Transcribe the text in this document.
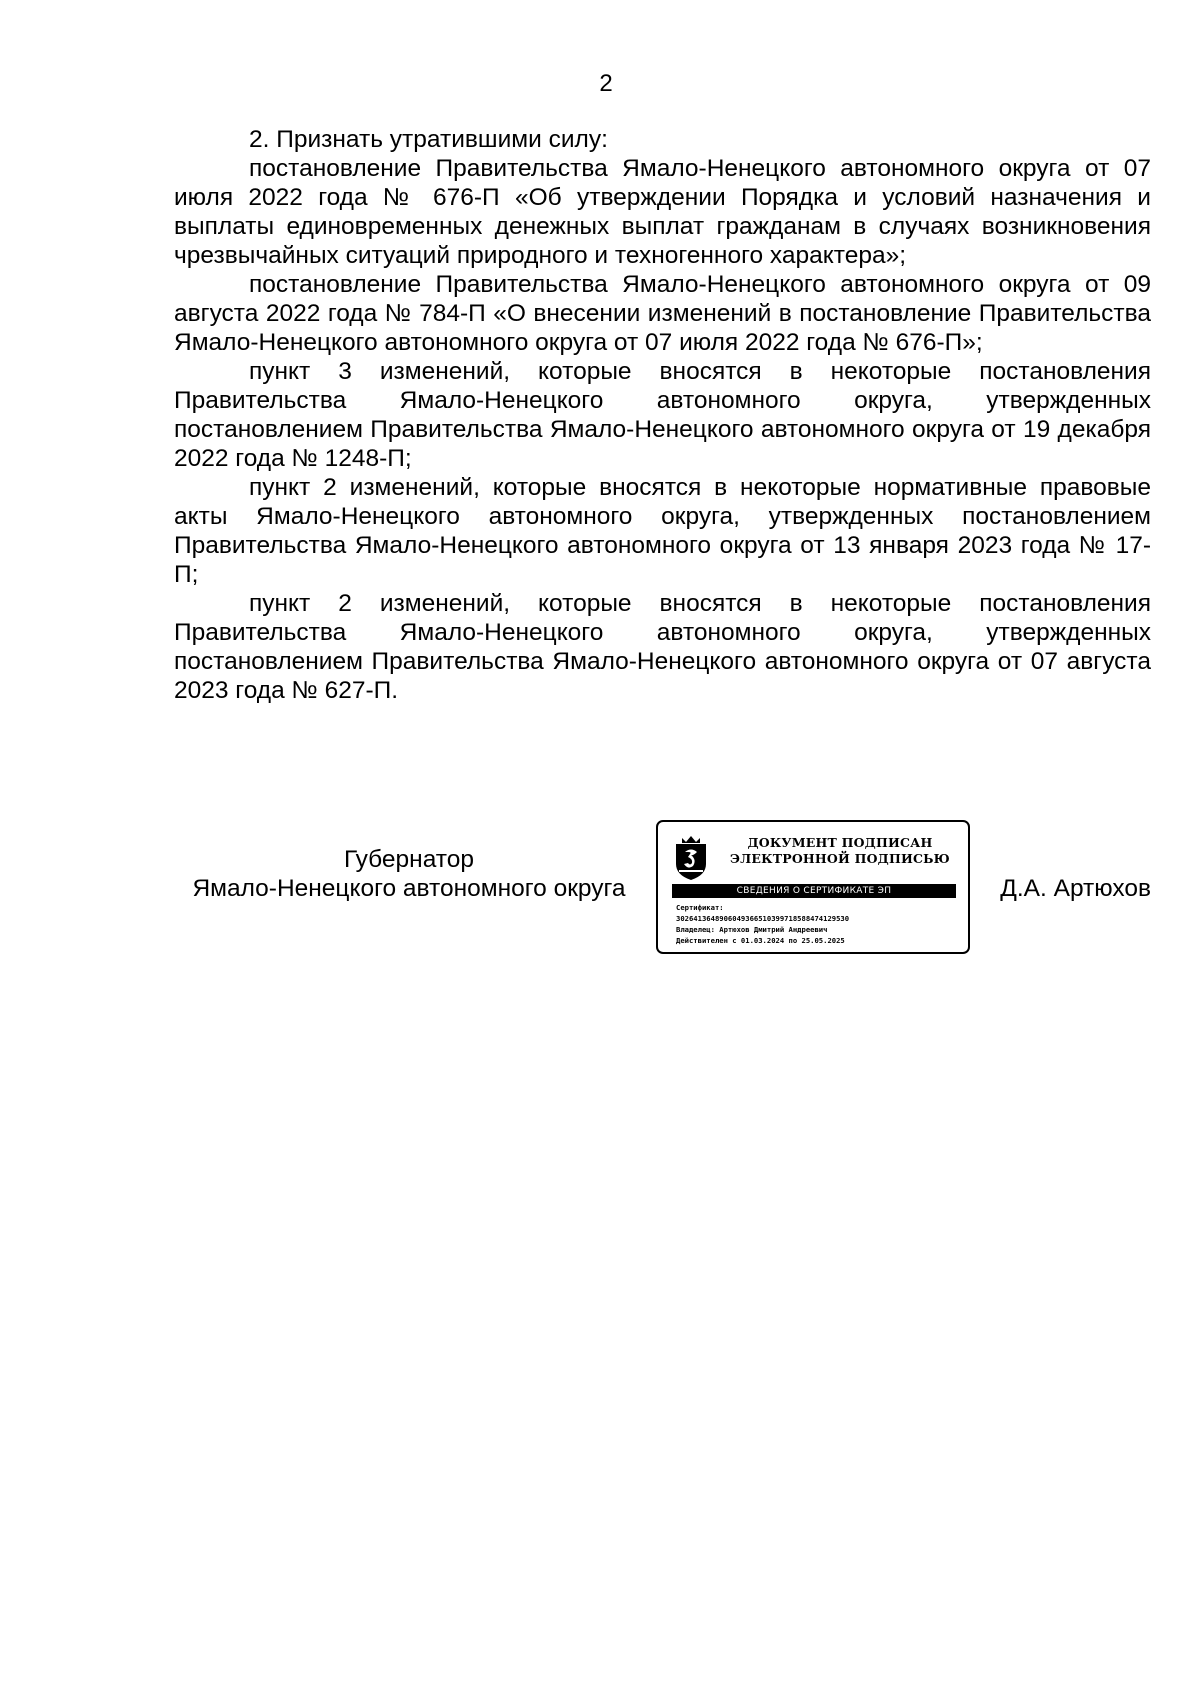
2

2. Признать утратившими силу:

постановление Правительства Ямало-Ненецкого автономного округа от 07 июля 2022 года № 676-П «Об утверждении Порядка и условий назначения и выплаты единовременных денежных выплат гражданам в случаях возникновения чрезвычайных ситуаций природного и техногенного характера»;

постановление Правительства Ямало-Ненецкого автономного округа от 09 августа 2022 года № 784-П «О внесении изменений в постановление Правительства Ямало-Ненецкого автономного округа от 07 июля 2022 года № 676-П»;

пункт 3 изменений, которые вносятся в некоторые постановления Правительства Ямало-Ненецкого автономного округа, утвержденных постановлением Правительства Ямало-Ненецкого автономного округа от 19 декабря 2022 года № 1248-П;

пункт 2 изменений, которые вносятся в некоторые нормативные правовые акты Ямало-Ненецкого автономного округа, утвержденных постановлением Правительства Ямало-Ненецкого автономного округа от 13 января 2023 года № 17-П;

пункт 2 изменений, которые вносятся в некоторые постановления Правительства Ямало-Ненецкого автономного округа, утвержденных постановлением Правительства Ямало-Ненецкого автономного округа от 07 августа 2023 года № 627-П.

Губернатор
Ямало-Ненецкого автономного округа
ДОКУМЕНТ ПОДПИСАН
ЭЛЕКТРОННОЙ ПОДПИСЬЮ
СВЕДЕНИЯ О СЕРТИФИКАТЕ ЭП
Сертификат:
3026413648906049366510399718588474129530
Владелец: Артюхов Дмитрий Андреевич
Действителен с 01.03.2024 по 25.05.2025
Д.А. Артюхов
